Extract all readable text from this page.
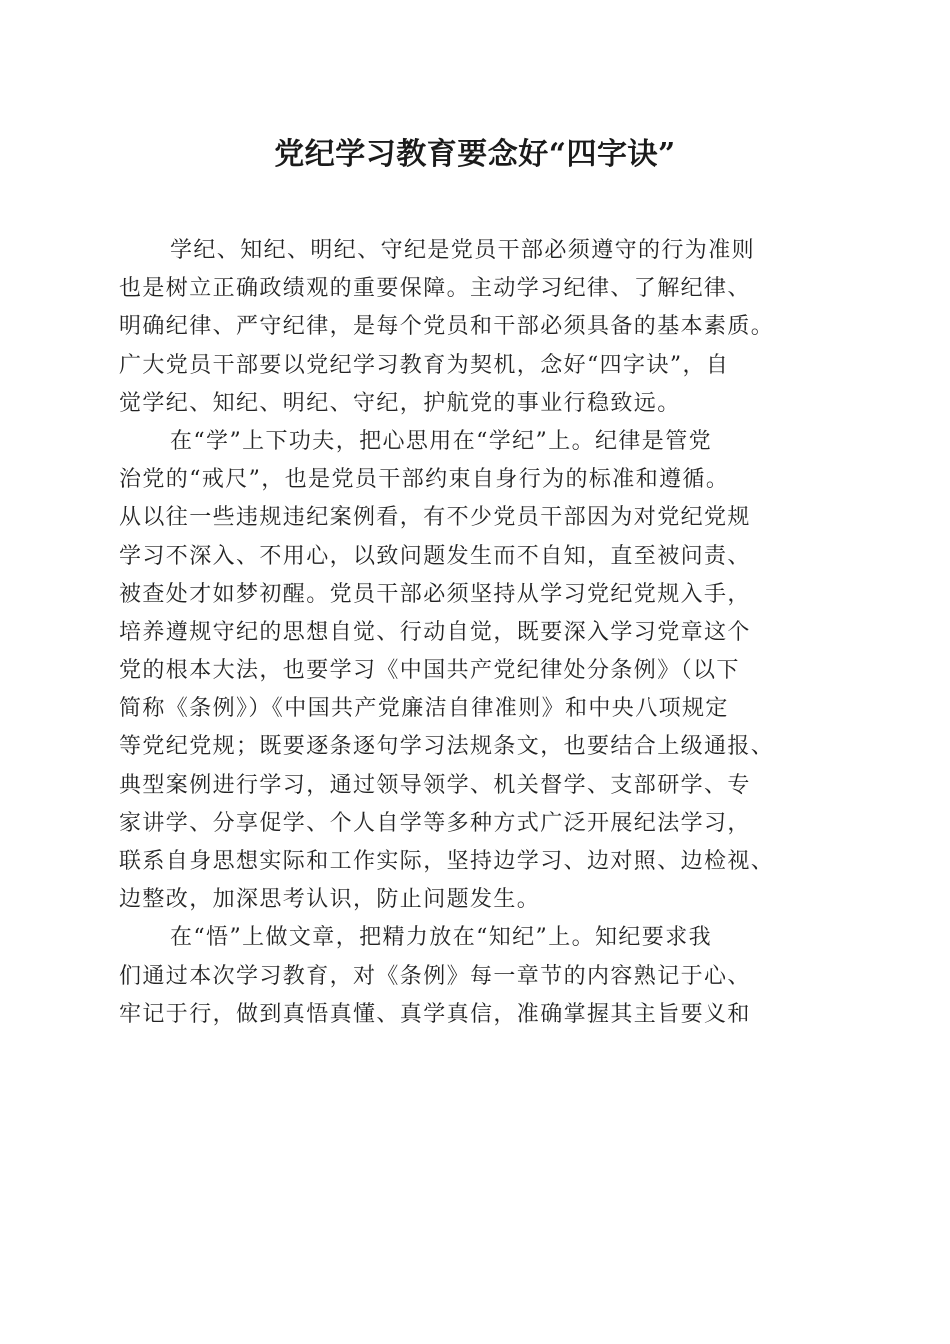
党纪学习教育要念好“四字诀”
学纪、知纪、明纪、守纪是党员干部必须遵守的行为准则
也是树立正确政绩观的重要保障。主动学习纪律、了解纪律、
明确纪律、严守纪律，是每个党员和干部必须具备的基本素质。
广大党员干部要以党纪学习教育为契机，念好“四字诀”，自
觉学纪、知纪、明纪、守纪，护航党的事业行稳致远。
在“学”上下功夫，把心思用在“学纪”上。纪律是管党
治党的“戒尺”，也是党员干部约束自身行为的标准和遵循。
从以往一些违规违纪案例看，有不少党员干部因为对党纪党规
学习不深入、不用心，以致问题发生而不自知，直至被问责、
被查处才如梦初醒。党员干部必须坚持从学习党纪党规入手，
培养遵规守纪的思想自觉、行动自觉，既要深入学习党章这个
党的根本大法，也要学习《中国共产党纪律处分条例》（以下
简称《条例》）《中国共产党廉洁自律准则》和中央八项规定
等党纪党规；既要逐条逐句学习法规条文，也要结合上级通报、
典型案例进行学习，通过领导领学、机关督学、支部研学、专
家讲学、分享促学、个人自学等多种方式广泛开展纪法学习，
联系自身思想实际和工作实际，坚持边学习、边对照、边检视、
边整改，加深思考认识，防止问题发生。
在“悟”上做文章，把精力放在“知纪”上。知纪要求我
们通过本次学习教育，对《条例》每一章节的内容熟记于心、
牢记于行，做到真悟真懂、真学真信，准确掌握其主旨要义和
